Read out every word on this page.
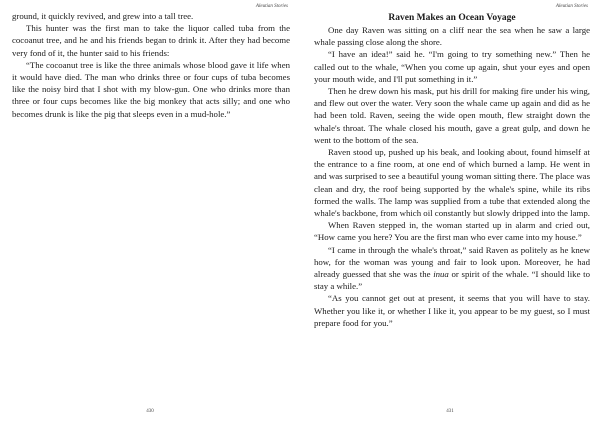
Aleutian Stories

ground, it quickly revived, and grew into a tall tree.

This hunter was the first man to take the liquor called tuba from the cocoanut tree, and he and his friends began to drink it. After they had become very fond of it, the hunter said to his friends:

“The cocoanut tree is like the three animals whose blood gave it life when it would have died. The man who drinks three or four cups of tuba becomes like the noisy bird that I shot with my blow-gun. One who drinks more than three or four cups becomes like the big monkey that acts silly; and one who becomes drunk is like the pig that sleeps even in a mud-hole.”

430
Aleutian Stories
Raven Makes an Ocean Voyage

One day Raven was sitting on a cliff near the sea when he saw a large whale passing close along the shore.

“I have an idea!” said he. “I'm going to try something new.” Then he called out to the whale, “When you come up again, shut your eyes and open your mouth wide, and I'll put something in it.”

Then he drew down his mask, put his drill for making fire under his wing, and flew out over the water. Very soon the whale came up again and did as he had been told. Raven, seeing the wide open mouth, flew straight down the whale's throat. The whale closed his mouth, gave a great gulp, and down he went to the bottom of the sea.

Raven stood up, pushed up his beak, and looking about, found himself at the entrance to a fine room, at one end of which burned a lamp. He went in and was surprised to see a beautiful young woman sitting there. The place was clean and dry, the roof being supported by the whale's spine, while its ribs formed the walls. The lamp was supplied from a tube that extended along the whale's backbone, from which oil constantly but slowly dripped into the lamp.

When Raven stepped in, the woman started up in alarm and cried out, “How came you here? You are the first man who ever came into my house.”

“I came in through the whale's throat,” said Raven as politely as he knew how, for the woman was young and fair to look upon. Moreover, he had already guessed that she was the inua or spirit of the whale. “I should like to stay a while.”

“As you cannot get out at present, it seems that you will have to stay. Whether you like it, or whether I like it, you appear to be my guest, so I must prepare food for you.”

431
